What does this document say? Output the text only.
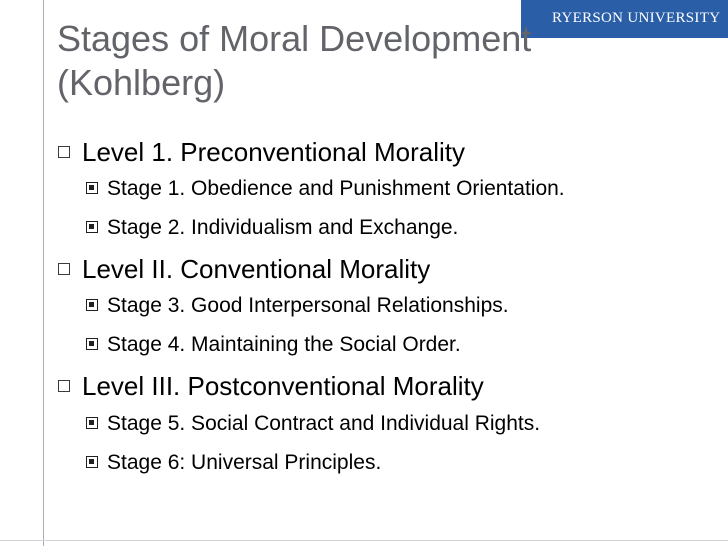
RYERSON UNIVERSITY
Stages of Moral Development
(Kohlberg)
Level 1. Preconventional Morality
Stage 1. Obedience and Punishment Orientation.
Stage 2. Individualism and Exchange.
Level II. Conventional Morality
Stage 3. Good Interpersonal Relationships.
Stage 4. Maintaining the Social Order.
Level III. Postconventional Morality
Stage 5. Social Contract and Individual Rights.
Stage 6: Universal Principles.
